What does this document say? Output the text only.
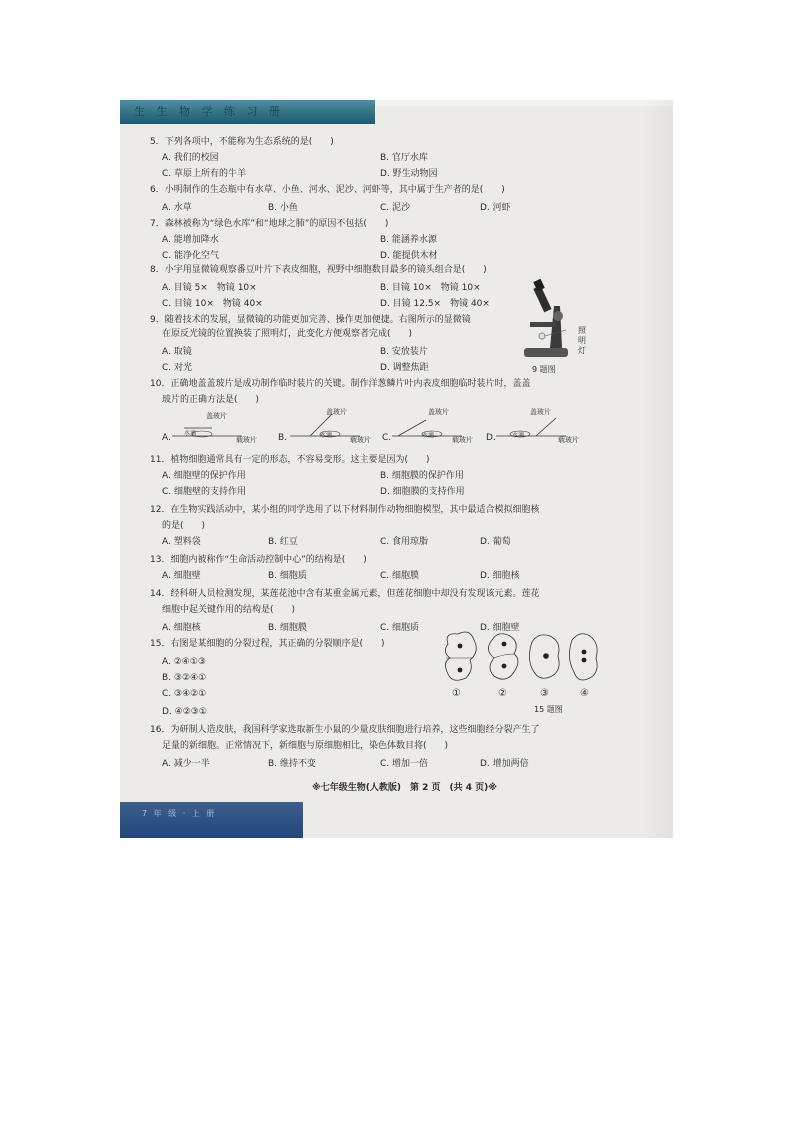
生 生 物 学 练 习 册
7 年 级 · 上 册
5．下列各项中，不能称为生态系统的是(　　)
A. 我们的校园	B. 官厅水库
C. 草原上所有的牛羊	D. 野生动物园
6．小明制作的生态瓶中有水草、小鱼、河水、泥沙、河虾等，其中属于生产者的是(　　)
A. 水草	B. 小鱼	C. 泥沙	D. 河虾
7．森林被称为“绿色水库”和“地球之肺”的原因不包括(　　)
A. 能增加降水	B. 能涵养水源
C. 能净化空气	D. 能提供木材
8．小宇用显微镜观察番豆叶片下表皮细胞，视野中细胞数目最多的镜头组合是(　　)
A. 目镜 5×　物镜 10×	B. 目镜 10×　物镜 10×
C. 目镜 10×　物镜 40×	D. 目镜 12.5×　物镜 40×
9．随着技术的发展，显微镜的功能更加完善、操作更加便捷。右图所示的显微镜
在原反光镜的位置换装了照明灯，此变化方便观察者完成(　　)
A. 取镜	B. 安放装片
C. 对光	D. 调整焦距
照明灯
9 题图
10．正确地盖盖玻片是成功制作临时装片的关键。制作洋葱鳞片叶内表皮细胞临时装片时，盖盖
玻片的正确方法是(　　)
A.
盖玻片
水滴
载玻片 B.
盖玻片
水滴
载玻片 C.
盖玻片
水滴
载玻片 D.
盖玻片
水滴
载玻片
11．植物细胞通常具有一定的形态，不容易变形。这主要是因为(　　)
A. 细胞壁的保护作用	B. 细胞膜的保护作用
C. 细胞壁的支持作用	D. 细胞膜的支持作用
12．在生物实践活动中，某小组的同学选用了以下材料制作动物细胞模型，其中最适合模拟细胞核
的是(　　)
A. 塑料袋	B. 红豆	C. 食用琼脂	D. 葡萄
13．细胞内被称作“生命活动控制中心”的结构是(　　)
A. 细胞壁	B. 细胞质	C. 细胞膜	D. 细胞核
14．经科研人员检测发现，某莲花池中含有某重金属元素，但莲花细胞中却没有发现该元素。莲花
细胞中起关键作用的结构是(　　)
A. 细胞核	B. 细胞膜	C. 细胞质	D. 细胞壁
15．右图是某细胞的分裂过程，其正确的分裂顺序是(　　)
A. ②④①③
B. ③②④①
C. ③④②①
D. ④②③①
①	②	③	④
15 题图
16．为研制人造皮肤，我国科学家选取新生小鼠的少量皮肤细胞进行培养，这些细胞经分裂产生了
足量的新细胞。正常情况下，新细胞与原细胞相比，染色体数目将(　　)
A. 减少一半	B. 维持不变	C. 增加一倍	D. 增加两倍
※七年级生物(人教版)　第 2 页　(共 4 页)※
